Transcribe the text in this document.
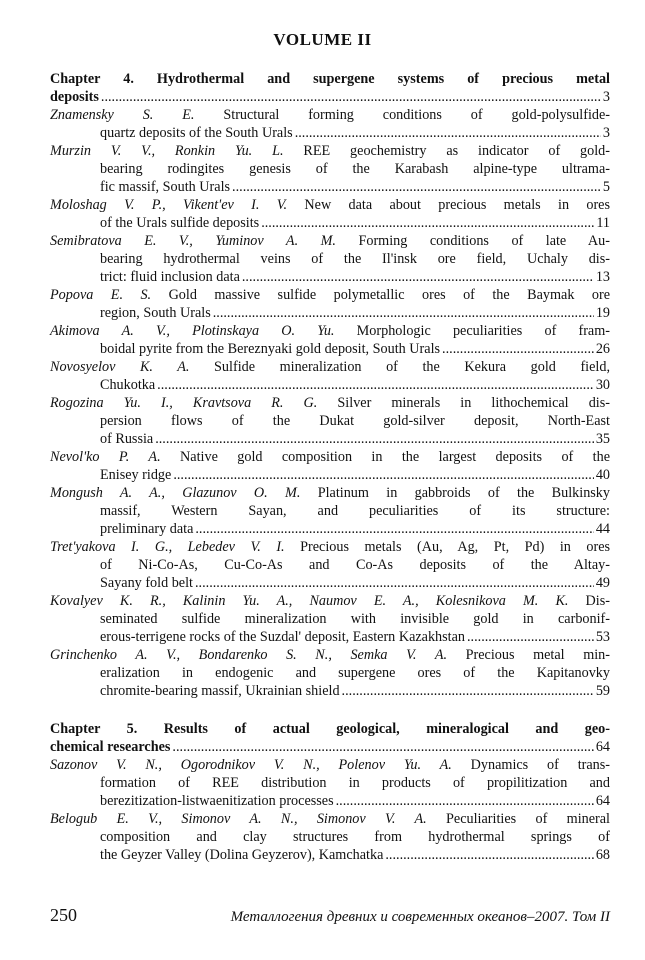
VOLUME II
Chapter 4. Hydrothermal and supergene systems of precious metal
deposits .....	3
Znamensky S. E. Structural forming conditions of gold-polysulfide-
quartz deposits of the South Urals .....	3
Murzin V. V., Ronkin Yu. L. REE geochemistry as indicator of gold-
bearing rodingites genesis of the Karabash alpine-type ultrama-
fic massif, South Urals .....	5
Moloshag V. P., Vikent'ev I. V. New data about precious metals in ores
of the Urals sulfide deposits .....	11
Semibratova E. V., Yuminov A. M. Forming conditions of late Au-
bearing hydrothermal veins of the Il'insk ore field, Uchaly dis-
trict: fluid inclusion data .....	13
Popova E. S. Gold massive sulfide polymetallic ores of the Baymak ore
region, South Urals .....	19
Akimova A. V., Plotinskaya O. Yu. Morphologic peculiarities of fram-
boidal pyrite from the Bereznyaki gold deposit, South Urals .....	26
Novosyelov K. A. Sulfide mineralization of the Kekura gold field,
Chukotka .....	30
Rogozina Yu. I., Kravtsova R. G. Silver minerals in lithochemical dis-
persion flows of the Dukat gold-silver deposit, North-East
of Russia .....	35
Nevol'ko P. A. Native gold composition in the largest deposits of the
Enisey ridge .....	40
Mongush A. A., Glazunov O. M. Platinum in gabbroids of the Bulkinsky
massif, Western Sayan, and peculiarities of its structure:
preliminary data .....	44
Tret'yakova I. G., Lebedev V. I. Precious metals (Au, Ag, Pt, Pd) in ores
of Ni-Co-As, Cu-Co-As and Co-As deposits of the Altay-
Sayany fold belt .....	49
Kovalyev K. R., Kalinin Yu. A., Naumov E. A., Kolesnikova M. K. Dis-
seminated sulfide mineralization with invisible gold in carbonif-
erous-terrigene rocks of the Suzdal' deposit, Eastern Kazakhstan .....	53
Grinchenko A. V., Bondarenko S. N., Semka V. A. Precious metal min-
eralization in endogenic and supergene ores of the Kapitanovky
chromite-bearing massif, Ukrainian shield .....	59
Chapter 5. Results of actual geological, mineralogical and geo-
chemical researches .....	64
Sazonov V. N., Ogorodnikov V. N., Polenov Yu. A. Dynamics of trans-
formation of REE distribution in products of propilitization and
berezitization-listwaenitization processes .....	64
Belogub E. V., Simonov A. N., Simonov V. A. Peculiarities of mineral
composition and clay structures from hydrothermal springs of
the Geyzer Valley (Dolina Geyzerov), Kamchatka .....	68
250	Металлогения древних и современных океанов–2007. Том II
